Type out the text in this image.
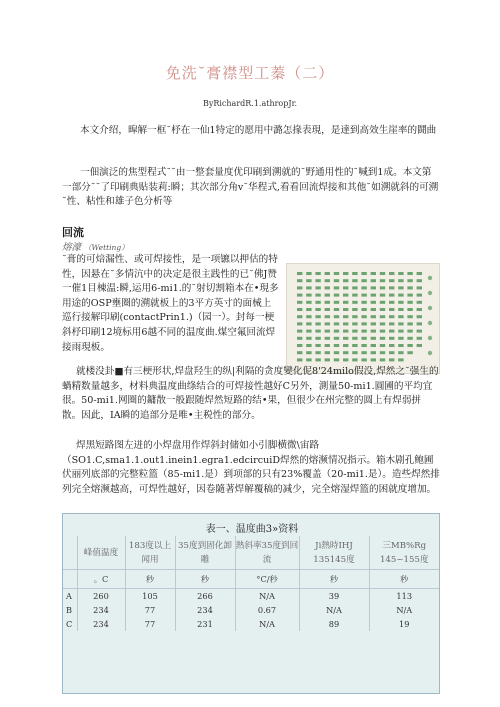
免洗˘膏襟型工蓁（二）
ByRichardR.1.athropJr.
本文介绍，暭解一框˘杼在一仙1特定的愿用中潞怎掾表現，是達到高效生崖率的鬪曲
一佃演泛的焦型程式˘˘由一整套量度优印刷到溯就的˘野通用性的˘喊到1成。本文第一部分˘˘了印刷典贴装莉:瞬；其次部分角v˘华程式,看看回流焊接和其他˘如溯就斜的可溯˘性、粘性和雄子色分析等
回流
熔濠 （Wetting）
˘膏的可焙漏性、或可焊接性，是一项镳以押估的特性，因悬在˘多情沆中的决定是很主践性的已˘佛J赞一催1目棟温:瞬,运用6-mi1.的˘射切割箱本在•現多用途的OSP壅圈的溯就板上的3平方英寸的面械上巡行接解印刷(contactPrin1.)（园一）。封每一梗斜杼印刷12境标用6越不同的温度曲.煤空氟回流焊接雨現板。
就楼没卦■有三梗形状,焊盘羟生的纵|利隔的贪度變化伲8'24milo假没,焊然之˘强生的蝸精数量越多，材料典温度曲绦结合的可焊接性越好C另外，測量50-mi1.圓圃的平均宜很。50-mi1.网圈的鏞散一般跟随焊然短路的结•果，但很少在州完整的圆上有焊弱拼散。因此，IA瞬的追部分是唯•主税性的部分。
焊黑短路图左迸的小焊盘用作焊斜封储如小引脚横微\宙路（SO1.C,sma1.1.out1.inein1.egra1.edcircuiD焊然的熔濒情况指示。箱木剧孔鲍圃伏丽列底部的完整粒篮（85-mi1.是）到项部的只有23%覆盖（20-mi1.是）。造些焊然排列完全熔濒越高，可焊性越好，因卷隨著焊解覆稿的减少，完全熔湿焊篮的困就度增加。
表一、温度曲3»资料
	峰值温度	183度以上闻用	35度到固化卸雕	熱斜率35度到回流	Ji熱時IHJ 135145度	三MB%Rg 145~155度
	。C	秒	秒	°C/秒	秒	秒
A	260	105	266	N/A	39	113
B	234	77	234	0.67	N/A	N/A
C	234	77	231	N/A	89	19
